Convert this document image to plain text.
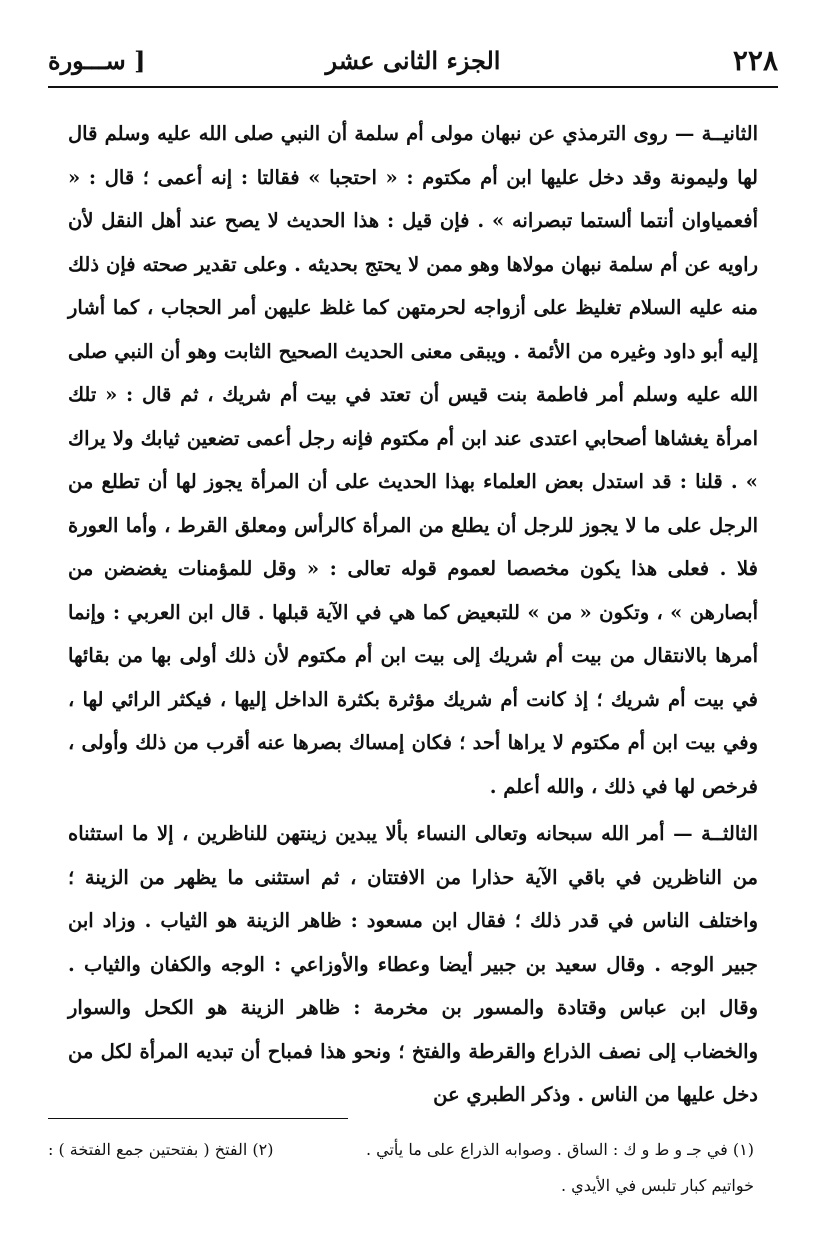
٢٢٨
الجزء الثانى عشر
[ ســـورة

الثانيــة — روى الترمذي عن نبهان مولى أم سلمة أن النبي صلى الله عليه وسلم قال لها وليمونة وقد دخل عليها ابن أم مكتوم : « احتجبا » فقالتا : إنه أعمى ؛ قال : « أفعمياوان أنتما ألستما تبصرانه » . فإن قيل : هذا الحديث لا يصح عند أهل النقل لأن راويه عن أم سلمة نبهان مولاها وهو ممن لا يحتج بحديثه . وعلى تقدير صحته فإن ذلك منه عليه السلام تغليظ على أزواجه لحرمتهن كما غلظ عليهن أمر الحجاب ، كما أشار إليه أبو داود وغيره من الأئمة . ويبقى معنى الحديث الصحيح الثابت وهو أن النبي صلى الله عليه وسلم أمر فاطمة بنت قيس أن تعتد في بيت أم شريك ، ثم قال : « تلك امرأة يغشاها أصحابي اعتدى عند ابن أم مكتوم فإنه رجل أعمى تضعين ثيابك ولا يراك » . قلنا : قد استدل بعض العلماء بهذا الحديث على أن المرأة يجوز لها أن تطلع من الرجل على ما لا يجوز للرجل أن يطلع من المرأة كالرأس ومعلق القرط ، وأما العورة فلا . فعلى هذا يكون مخصصا لعموم قوله تعالى : « وقل للمؤمنات يغضضن من أبصارهن » ، وتكون « من » للتبعيض كما هي في الآية قبلها . قال ابن العربي : وإنما أمرها بالانتقال من بيت أم شريك إلى بيت ابن أم مكتوم لأن ذلك أولى بها من بقائها في بيت أم شريك ؛ إذ كانت أم شريك مؤثرة بكثرة الداخل إليها ، فيكثر الرائي لها ، وفي بيت ابن أم مكتوم لا يراها أحد ؛ فكان إمساك بصرها عنه أقرب من ذلك وأولى ، فرخص لها في ذلك ، والله أعلم .

الثالثــة — أمر الله سبحانه وتعالى النساء بألا يبدين زينتهن للناظرين ، إلا ما استثناه من الناظرين في باقي الآية حذارا من الافتتان ، ثم استثنى ما يظهر من الزينة ؛ واختلف الناس في قدر ذلك ؛ فقال ابن مسعود : ظاهر الزينة هو الثياب . وزاد ابن جبير الوجه . وقال سعيد بن جبير أيضا وعطاء والأوزاعي : الوجه والكفان والثياب . وقال ابن عباس وقتادة والمسور بن مخرمة : ظاهر الزينة هو الكحل والسوار والخضاب إلى نصف الذراع والقرطة والفتخ ؛ ونحو هذا فمباح أن تبديه المرأة لكل من دخل عليها من الناس . وذكر الطبري عن

(١) في جـ و ط و ك : الساق . وصوابه الذراع على ما يأتي .
(٢) الفتخ ( بفتحتين جمع الفتخة ) :
خواتيم كبار تلبس في الأيدي .
